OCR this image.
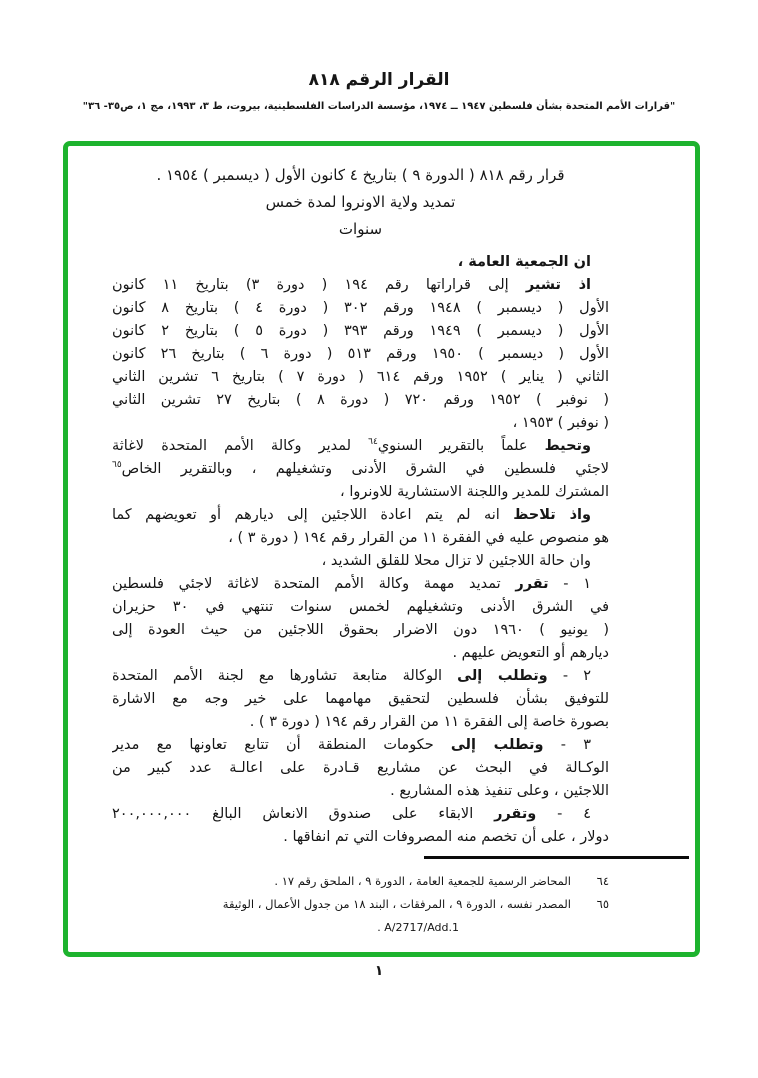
القرار الرقم ٨١٨
"قرارات الأمم المتحدة بشأن فلسطين ١٩٤٧ ــ ١٩٧٤، مؤسسة الدراسات الفلسطينية، بيروت، ط ٣، ١٩٩٣، مج ١، ص٣٥- ٣٦"
قرار رقم ٨١٨ ( الدورة ٩ ) بتاريخ ٤ كانون الأول ( ديسمبر ) ١٩٥٤ .
تمديد ولاية الاونروا لمدة خمس
سنوات
ان الجمعية العامة ،
اذ تشير إلى قراراتها رقم ١٩٤ ( دورة ٣) بتاريخ ١١ كانون
الأول ( ديسمبر ) ١٩٤٨ ورقم ٣٠٢ ( دورة ٤ ) بتاريخ ٨ كانون
الأول ( ديسمبر ) ١٩٤٩ ورقم ٣٩٣ ( دورة ٥ ) بتاريخ ٢ كانون
الأول ( ديسمبر ) ١٩٥٠ ورقم ٥١٣ ( دورة ٦ ) بتاريخ ٢٦ كانون
الثاني ( يناير ) ١٩٥٢ ورقم ٦١٤ ( دورة ٧ ) بتاريخ ٦ تشرين الثاني
( نوفبر ) ١٩٥٢ ورقم ٧٢٠ ( دورة ٨ ) بتاريخ ٢٧ تشرين الثاني
( نوفبر ) ١٩٥٣ ،
وتحيط علماً بالتقرير السنوي$^{٦٤}$ لمدير وكالة الأمم المتحدة لاغاثة
لاجئي فلسطين في الشرق الأدنى وتشغيلهم ، وبالتقرير الخاص$^{٦٥}$
المشترك للمدير واللجنة الاستشارية للاونروا ،
واذ تلاحظ انه لم يتم اعادة اللاجئين إلى ديارهم أو تعويضهم كما
هو منصوص عليه في الفقرة ١١ من القرار رقم ١٩٤ ( دورة ٣ ) ،
وان حالة اللاجئين لا تزال محلا للقلق الشديد ،
١ - تقرر تمديد مهمة وكالة الأمم المتحدة لاغاثة لاجئي فلسطين
في الشرق الأدنى وتشغيلهم لخمس سنوات تنتهي في ٣٠ حزيران
( يونيو ) ١٩٦٠ دون الاضرار بحقوق اللاجئين من حيث العودة إلى
ديارهم أو التعويض عليهم .
٢ - وتطلب إلى الوكالة متابعة تشاورها مع لجنة الأمم المتحدة
للتوفيق بشأن فلسطين لتحقيق مهامهما على خير وجه مع الاشارة
بصورة خاصة إلى الفقرة ١١ من القرار رقم ١٩٤ ( دورة ٣ ) .
٣ - وتطلب إلى حكومات المنطقة أن تتابع تعاونها مع مدير
الوكـالة في البحث عن مشاريع قـادرة على اعالـة عدد كبير من
اللاجئين ، وعلى تنفيذ هذه المشاريع .
٤ - وتقرر الابقاء على صندوق الانعاش البالغ ٢٠٠,٠٠٠,٠٠٠
دولار ، على أن تخصم منه المصروفات التي تم انفاقها .
٦٤
المحاضر الرسمية للجمعية العامة ، الدورة ٩ ، الملحق رقم ١٧ .
٦٥
المصدر نفسه ، الدورة ٩ ، المرفقات ، البند ١٨ من جدول الأعمال ، الوثيقة
A/2717/Add.1 .
١
